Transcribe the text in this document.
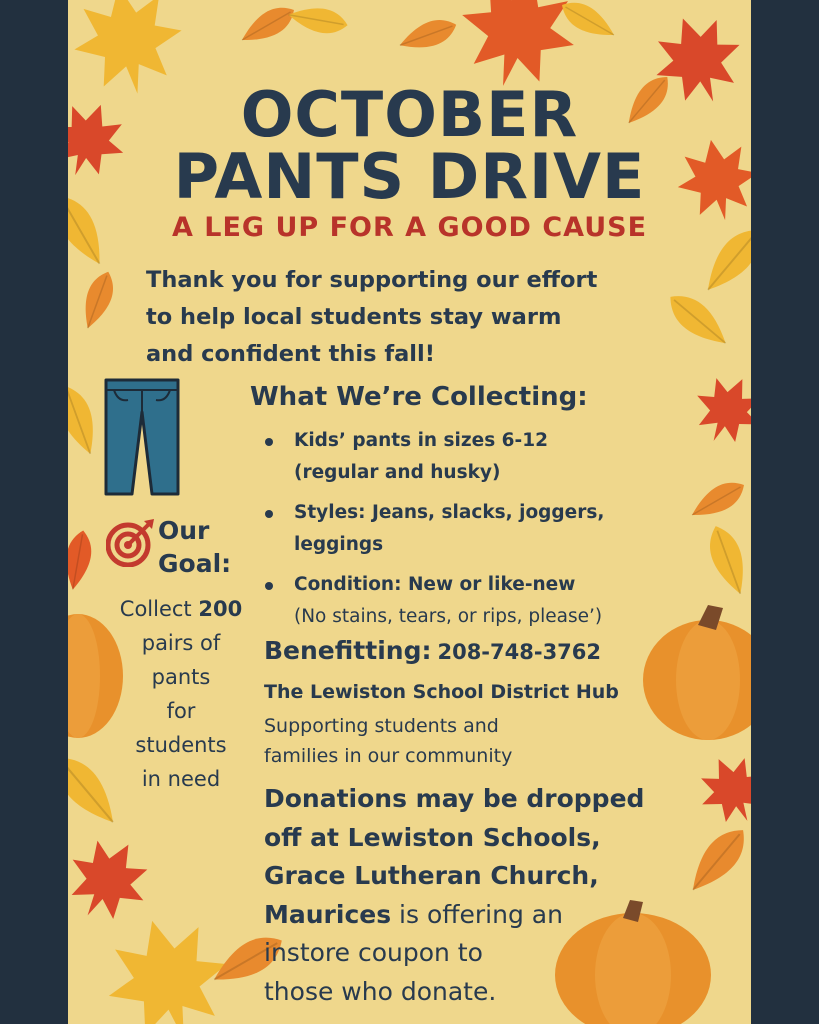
OCTOBER
PANTS DRIVE
A LEG UP FOR A GOOD CAUSE
Thank you for supporting our effort
to help local students stay warm
and confident this fall!
Our
Goal:
Collect 200
pairs of
pants
for
students
in need
What We’re Collecting:
Kids’ pants in sizes 6-12
(regular and husky)
Styles: Jeans, slacks, joggers,
leggings
Condition: New or like-new
(No stains, tears, or rips, please’)
Benefitting: 208-748-3762
The Lewiston School District Hub
Supporting students and
families in our community
Donations may be dropped
off at Lewiston Schools,
Grace Lutheran Church,
Maurices is offering an
instore coupon to
those who donate.
